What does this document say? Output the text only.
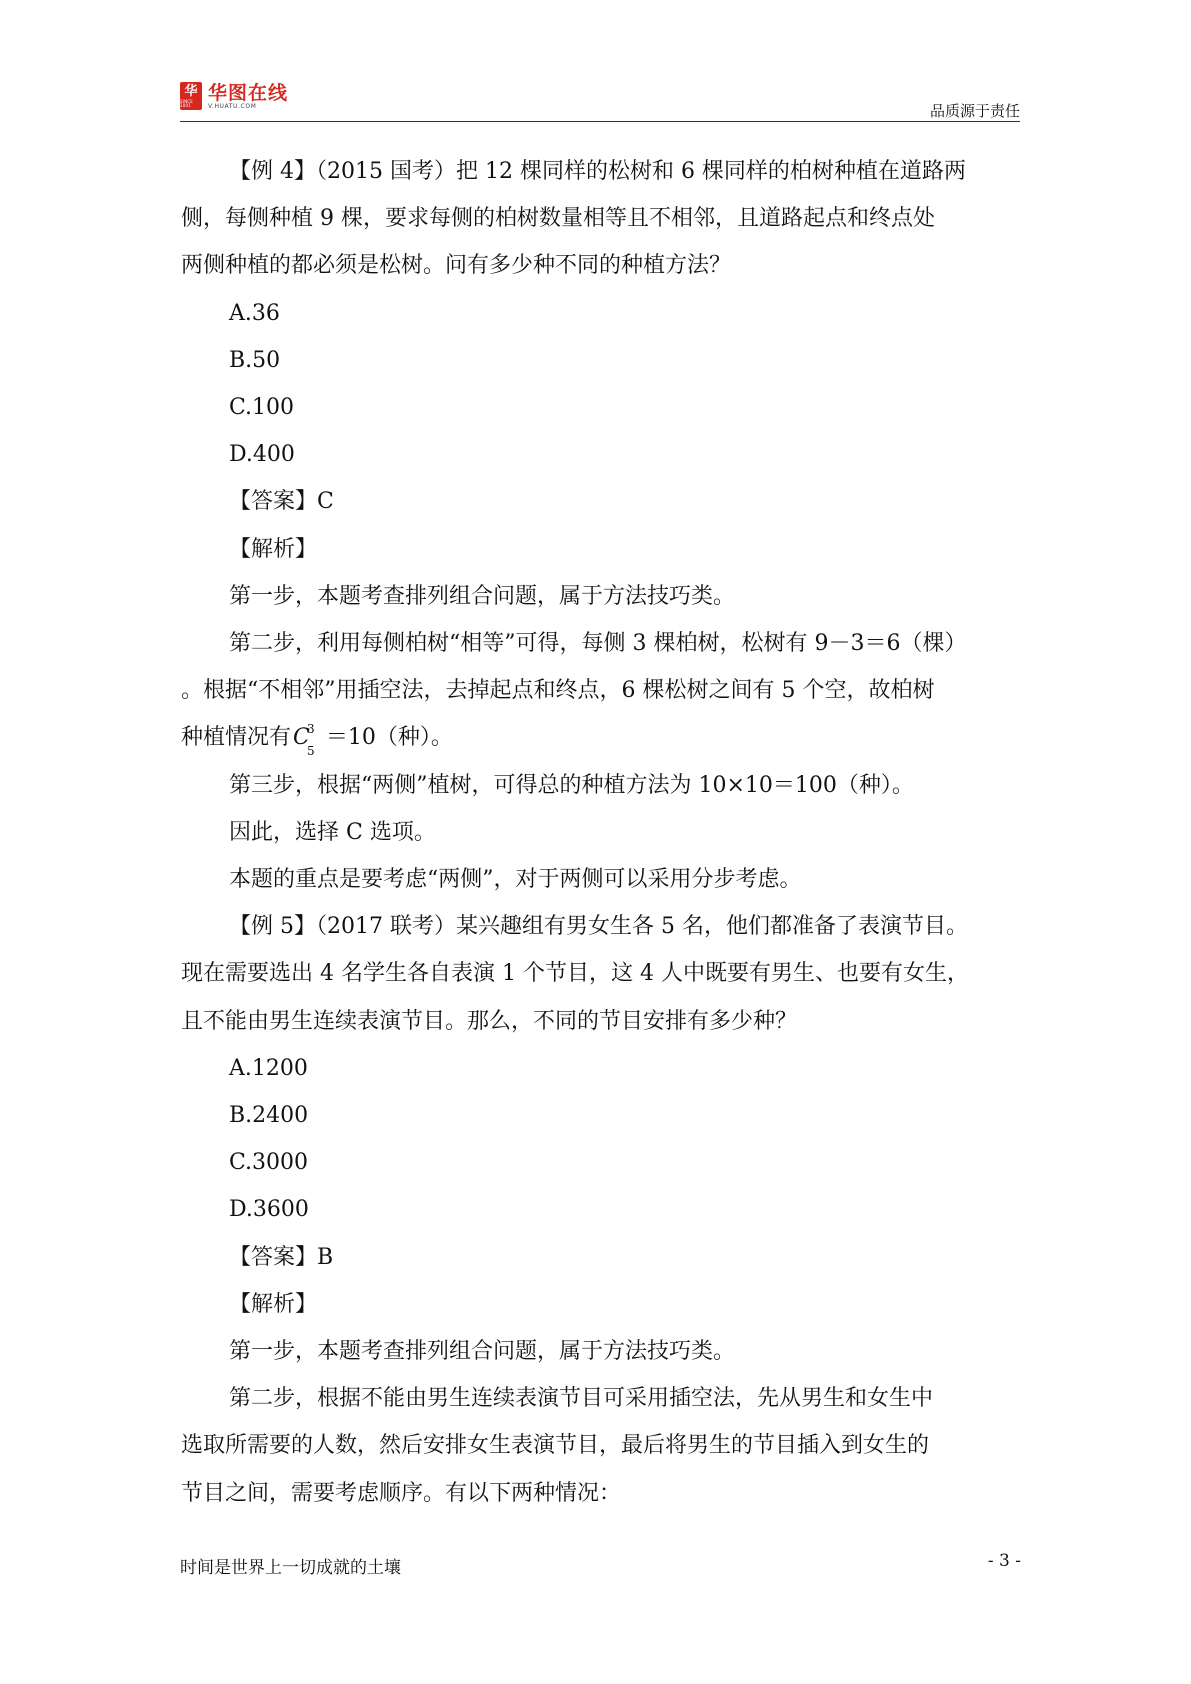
华
SINCE 2001
华图在线
V.HUATU.COM	品质源于责任

【例 4】（2015 国考）把 12 棵同样的松树和 6 棵同样的柏树种植在道路两

侧，每侧种植 9 棵，要求每侧的柏树数量相等且不相邻，且道路起点和终点处

两侧种植的都必须是松树。问有多少种不同的种植方法？

A.36

B.50

C.100

D.400

【答案】C

【解析】

第一步，本题考查排列组合问题，属于方法技巧类。

第二步，利用每侧柏树“相等”可得，每侧 3 棵柏树，松树有 9－3＝6（棵）

。根据“不相邻”用插空法，去掉起点和终点，6 棵松树之间有 5 个空，故柏树

种植情况有C
3
5
＝10（种）。

第三步，根据“两侧”植树，可得总的种植方法为 10×10＝100（种）。

因此，选择 C 选项。

本题的重点是要考虑“两侧”，对于两侧可以采用分步考虑。

【例 5】（2017 联考）某兴趣组有男女生各 5 名，他们都准备了表演节目。

现在需要选出 4 名学生各自表演 1 个节目，这 4 人中既要有男生、也要有女生，

且不能由男生连续表演节目。那么，不同的节目安排有多少种？

A.1200

B.2400

C.3000

D.3600

【答案】B

【解析】

第一步，本题考查排列组合问题，属于方法技巧类。

第二步，根据不能由男生连续表演节目可采用插空法，先从男生和女生中

选取所需要的人数，然后安排女生表演节目，最后将男生的节目插入到女生的

节目之间，需要考虑顺序。有以下两种情况：

时间是世界上一切成就的土壤	- 3 -
